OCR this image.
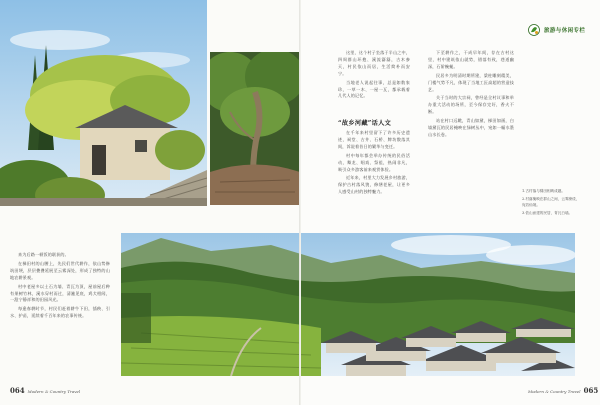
来为后路一顿饭的联获的。

在梯田村的山腰上，先民们世代耕作，依山势修筑田埂，层层叠叠延展至云雾深处，形成了独特的山地农耕景观。

村中老屋多以土石为墙、青瓦为顶，屋前屋后种有果树竹林，溪水穿村而过，清澈见底，鸡犬相闻，一派宁静祥和的田园风光。

每逢春耕时节，村民们赶着耕牛下田，插秧、引水、护苗，延续着千百年来的农事传统。

064 Modern & Country Travel

这里，这个村子坐落于半山之中，四周群山环抱、溪流潺潺，古木参天，村民依山而居，生活简朴而安宁。

当地老人说起往事，总是如数家珍，一草一木、一屋一瓦，都承载着几代人的记忆。

“故乡河藏”话人文

在千年来村里留下了许多历史遗迹，祠堂、古井、石桥、牌坊散落其间，诉说着昔日的繁华与变迁。

村中每年都会举办传统的民俗活动，舞龙、唱戏、祭祖，热闹非凡，吸引众多游客前来观赏体验。

近年来，村里大力发展乡村旅游，保护古村落风貌，修缮老屋，让更多人感受山村的独特魅力。

下至耕作之，干成早年间，存在古村这里，村中建筑依山就势，错落有致，巷道幽深，石阶蜿蜒。

民居多为明清时期所建，梁柱雕刻精美，门楼气势不凡，体现了当地工匠高超的营造技艺。

关于当时的大宗祠，曾经是全村议事和举办重大活动的场所，至今保存完好，香火不断。

站在村口远眺，青山如黛，梯田如画，白墙黛瓦的民居掩映在绿树丛中，宛如一幅水墨山水长卷。

旅游与休闲专栏
1.古村落与梯田相映成趣。
2.村落掩映在群山之间，云雾缭绕，宛若仙境。
3.依山而建的民居，青瓦白墙。
Modern & Country Travel 065
